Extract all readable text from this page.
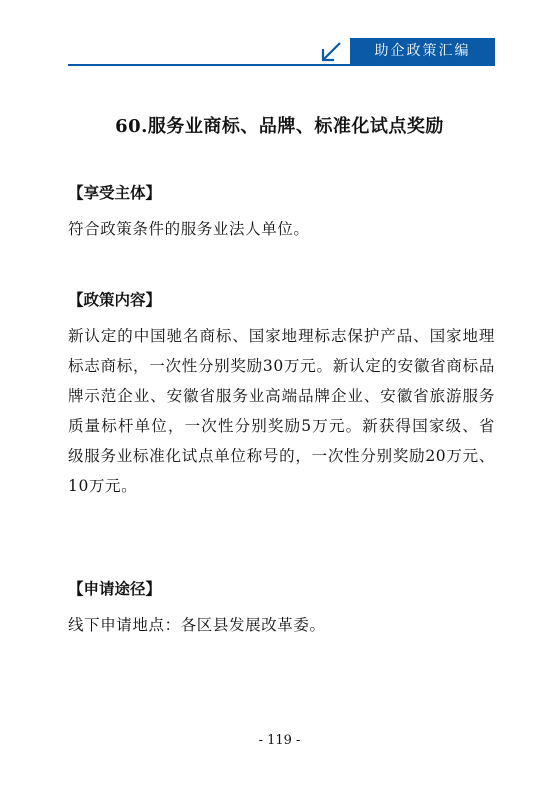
助企政策汇编
60.服务业商标、品牌、标准化试点奖励
【享受主体】

符合政策条件的服务业法人单位。

【政策内容】

新认定的中国驰名商标、国家地理标志保护产品、国家地理标志商标，一次性分别奖励30万元。新认定的安徽省商标品牌示范企业、安徽省服务业高端品牌企业、安徽省旅游服务质量标杆单位，一次性分别奖励5万元。新获得国家级、省级服务业标准化试点单位称号的，一次性分别奖励20万元、10万元。

【申请途径】

线下申请地点：各区县发展改革委。

- 119 -
